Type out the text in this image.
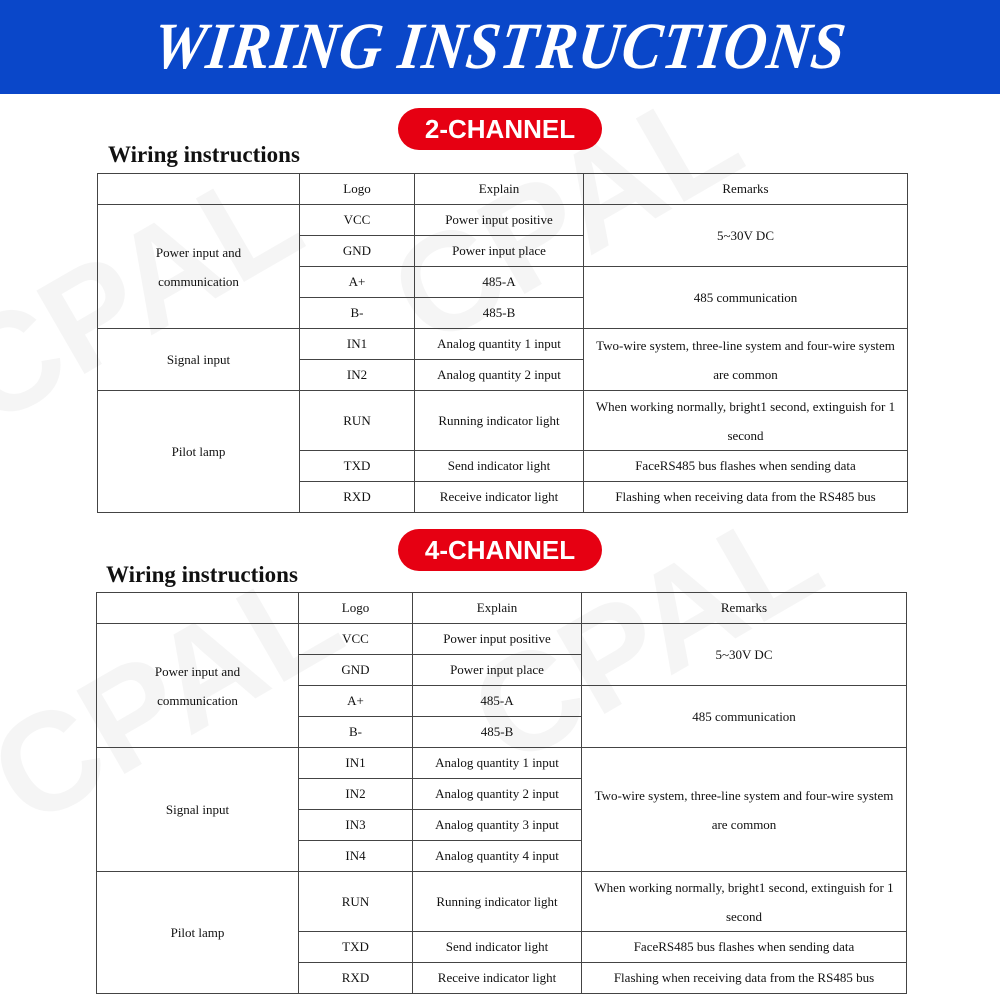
WIRING INSTRUCTIONS
2-CHANNEL
Wiring instructions
	Logo	Explain	Remarks
Power input and communication	VCC	Power input positive	5~30V DC
	GND	Power input place	
	A+	485-A	485 communication
	B-	485-B	
Signal input	IN1	Analog quantity 1 input	Two-wire system, three-line system and four-wire system are common
	IN2	Analog quantity 2 input	
Pilot lamp	RUN	Running indicator light	When working normally, bright1 second, extinguish for 1 second
	TXD	Send indicator light	FaceRS485 bus flashes when sending data
	RXD	Receive indicator light	Flashing when receiving data from the RS485 bus
4-CHANNEL
Wiring instructions
	Logo	Explain	Remarks
Power input and communication	VCC	Power input positive	5~30V DC
	GND	Power input place	
	A+	485-A	485 communication
	B-	485-B	
Signal input	IN1	Analog quantity 1 input	Two-wire system, three-line system and four-wire system are common
	IN2	Analog quantity 2 input	
	IN3	Analog quantity 3 input	
	IN4	Analog quantity 4 input	
Pilot lamp	RUN	Running indicator light	When working normally, bright1 second, extinguish for 1 second
	TXD	Send indicator light	FaceRS485 bus flashes when sending data
	RXD	Receive indicator light	Flashing when receiving data from the RS485 bus
